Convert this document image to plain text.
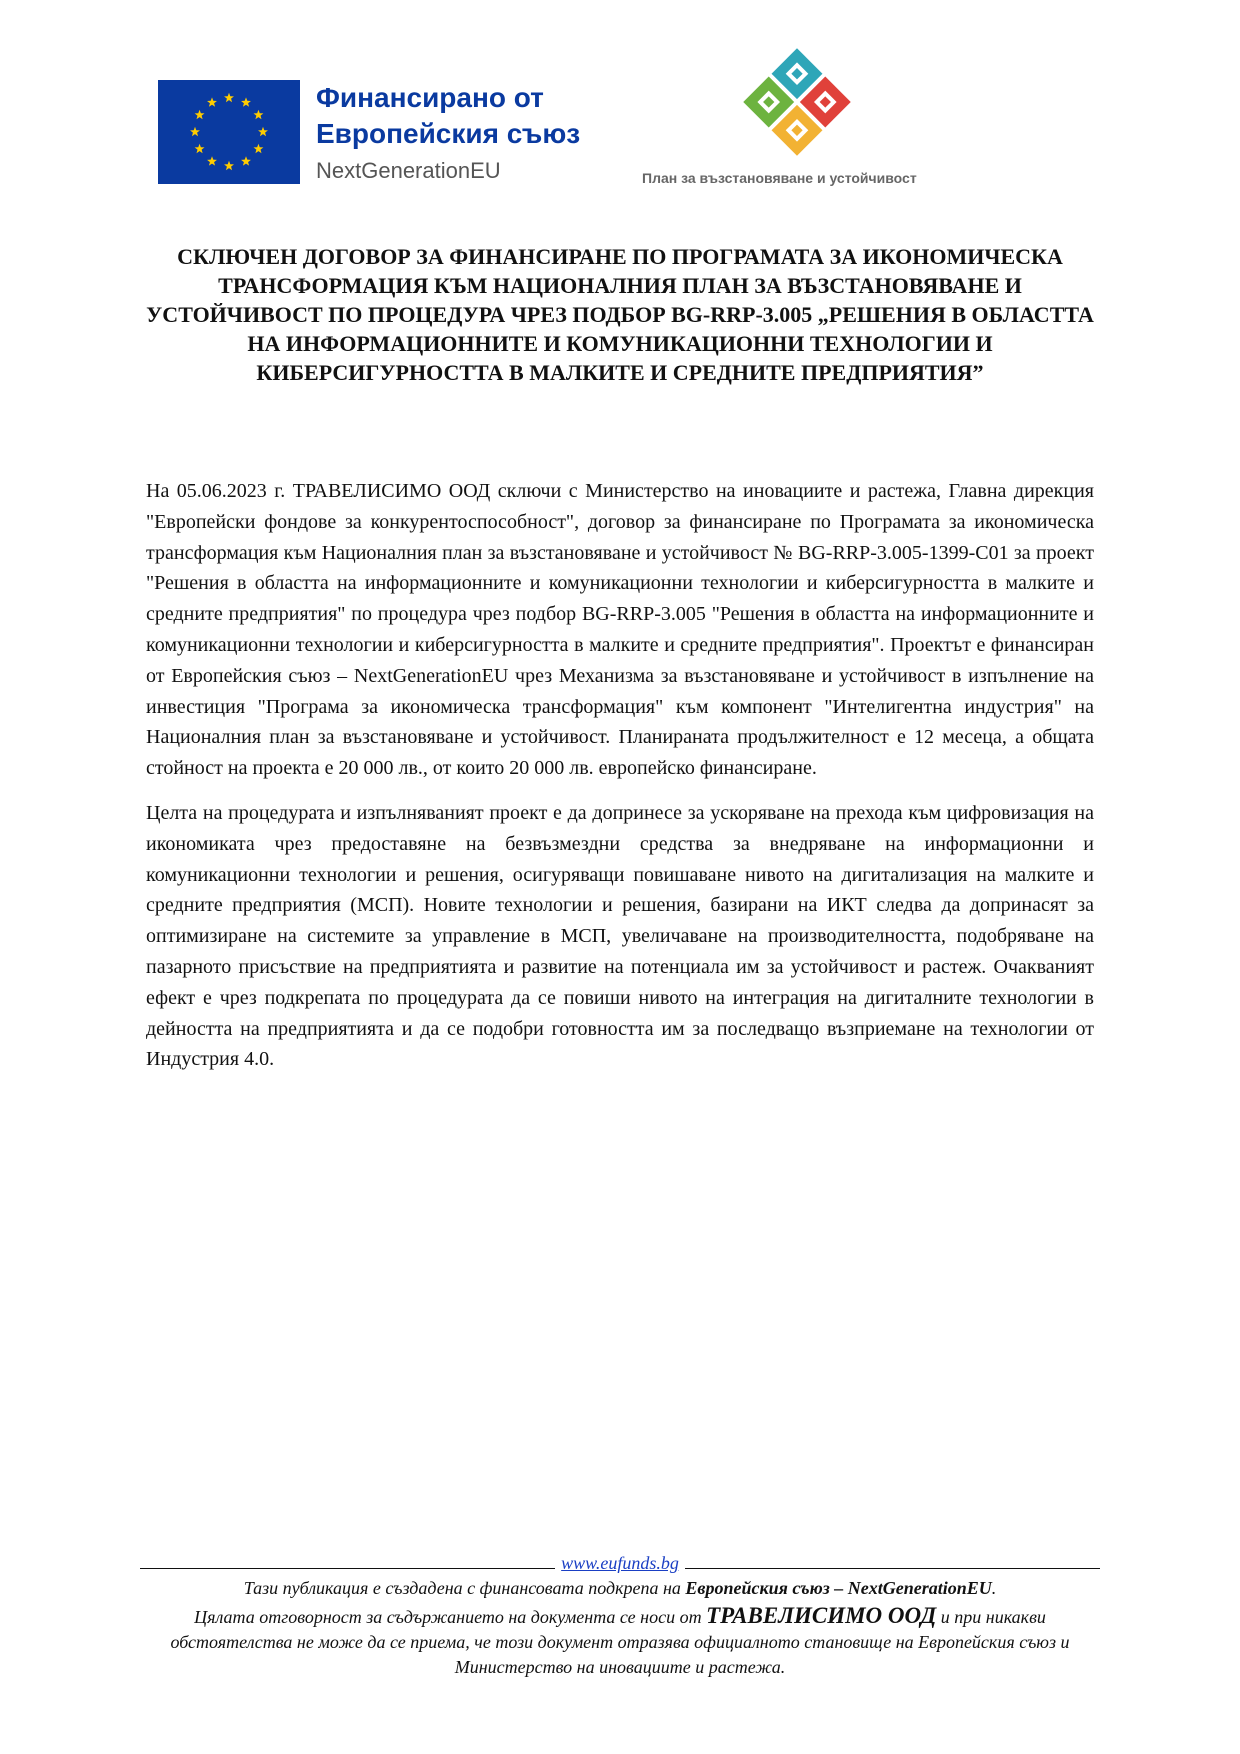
Финансирано от
Европейския съюз
NextGenerationEU	План за възстановяване и устойчивост
СКЛЮЧЕН ДОГОВОР ЗА ФИНАНСИРАНЕ ПО ПРОГРАМАТА ЗА ИКОНОМИЧЕСКА ТРАНСФОРМАЦИЯ КЪМ НАЦИОНАЛНИЯ ПЛАН ЗА ВЪЗСТАНОВЯВАНЕ И УСТОЙЧИВОСТ ПО ПРОЦЕДУРА ЧРЕЗ ПОДБОР BG-RRP-3.005 „РЕШЕНИЯ В ОБЛАСТТА НА ИНФОРМАЦИОННИТЕ И КОМУНИКАЦИОННИ ТЕХНОЛОГИИ И КИБЕРСИГУРНОСТТА В МАЛКИТЕ И СРЕДНИТЕ ПРЕДПРИЯТИЯ”

На 05.06.2023 г. ТРАВЕЛИСИМО ООД сключи с Министерство на иновациите и растежа, Главна дирекция "Европейски фондове за конкурентоспособност", договор за финансиране по Програмата за икономическа трансформация към Националния план за възстановяване и устойчивост № BG-RRP-3.005-1399-C01 за проект "Решения в областта на информационните и комуникационни технологии и киберсигурността в малките и средните предприятия" по процедура чрез подбор BG-RRP-3.005 "Решения в областта на информационните и комуникационни технологии и киберсигурността в малките и средните предприятия". Проектът е финансиран от Европейския съюз – NextGenerationEU чрез Механизма за възстановяване и устойчивост в изпълнение на инвестиция "Програма за икономическа трансформация" към компонент "Интелигентна индустрия" на Националния план за възстановяване и устойчивост. Планираната продължителност е 12 месеца, а общата стойност на проекта е 20 000 лв., от които 20 000 лв. европейско финансиране.

Целта на процедурата и изпълняваният проект е да допринесе за ускоряване на прехода към цифровизация на икономиката чрез предоставяне на безвъзмездни средства за внедряване на информационни и комуникационни технологии и решения, осигуряващи повишаване нивото на дигитализация на малките и средните предприятия (МСП). Новите технологии и решения, базирани на ИКТ следва да допринасят за оптимизиране на системите за управление в МСП, увеличаване на производителността, подобряване на пазарното присъствие на предприятията и развитие на потенциала им за устойчивост и растеж. Очакваният ефект е чрез подкрепата по процедурата да се повиши нивото на интеграция на дигиталните технологии в дейността на предприятията и да се подобри готовността им за последващо възприемане на технологии от Индустрия 4.0.

www.eufunds.bg

Тази публикация е създадена с финансовата подкрепа на Европейския съюз – NextGenerationEU.

Цялата отговорност за съдържанието на документа се носи от ТРАВЕЛИСИМО ООД и при никакви обстоятелства не може да се приема, че този документ отразява официалното становище на Европейския съюз и Министерство на иновациите и растежа.
